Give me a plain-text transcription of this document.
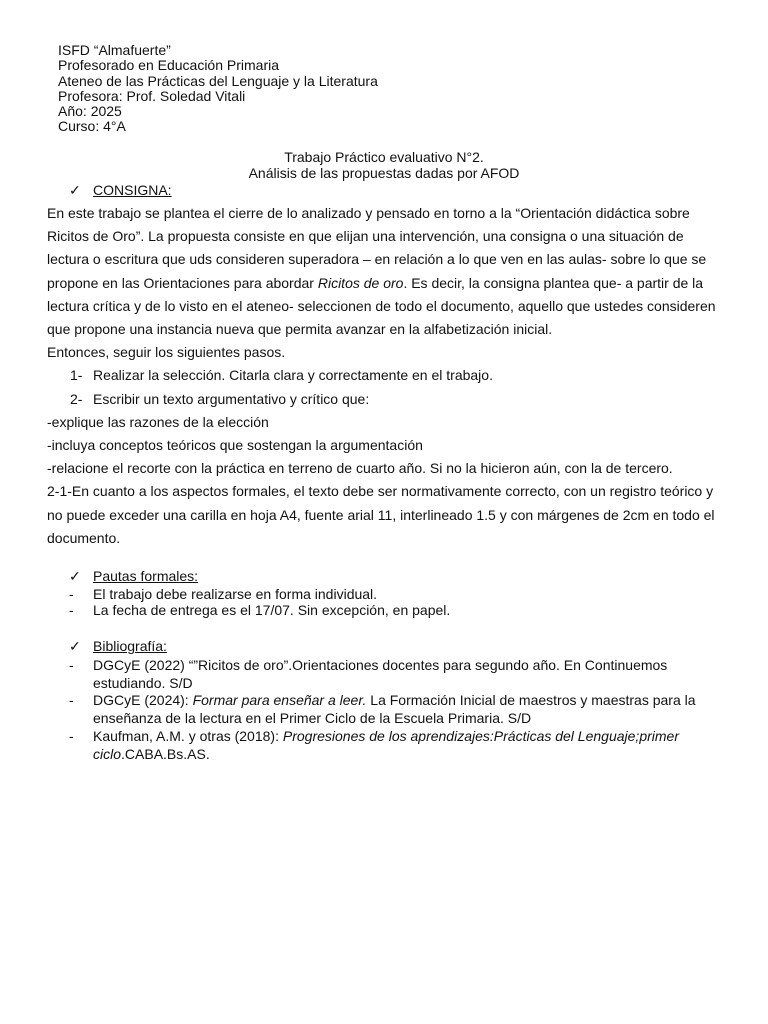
ISFD “Almafuerte”
Profesorado en Educación Primaria
Ateneo de las Prácticas del Lenguaje y la Literatura
Profesora: Prof. Soledad Vitali
Año: 2025
Curso: 4°A
Trabajo Práctico evaluativo N°2.
Análisis de las propuestas dadas por AFOD
✓ CONSIGNA:

En este trabajo se plantea el cierre de lo analizado y pensado en torno a la “Orientación didáctica sobre Ricitos de Oro”. La propuesta consiste en que elijan una intervención, una consigna o una situación de lectura o escritura que uds consideren superadora – en relación a lo que ven en las aulas- sobre lo que se propone en las Orientaciones para abordar Ricitos de oro. Es decir, la consigna plantea que- a partir de la lectura crítica y de lo visto en el ateneo- seleccionen de todo el documento, aquello que ustedes consideren que propone una instancia nueva que permita avanzar en la alfabetización inicial.

Entonces, seguir los siguientes pasos.

1- Realizar la selección. Citarla clara y correctamente en el trabajo.
2- Escribir un texto argumentativo y crítico que:

-explique las razones de la elección

-incluya conceptos teóricos que sostengan la argumentación

-relacione el recorte con la práctica en terreno de cuarto año. Si no la hicieron aún, con la de tercero.

2-1-En cuanto a los aspectos formales, el texto debe ser normativamente correcto, con un registro teórico y no puede exceder una carilla en hoja A4, fuente arial 11, interlineado 1.5 y con márgenes de 2cm en todo el documento.

✓ Pautas formales:
-	El trabajo debe realizarse en forma individual.
-	La fecha de entrega es el 17/07. Sin excepción, en papel.
✓ Bibliografía:
-	DGCyE (2022) “”Ricitos de oro”.Orientaciones docentes para segundo año. En Continuemos estudiando. S/D
-	DGCyE (2024): Formar para enseñar a leer. La Formación Inicial de maestros y maestras para la enseñanza de la lectura en el Primer Ciclo de la Escuela Primaria. S/D
-	Kaufman, A.M. y otras (2018): Progresiones de los aprendizajes:Prácticas del Lenguaje;primer ciclo.CABA.Bs.AS.
